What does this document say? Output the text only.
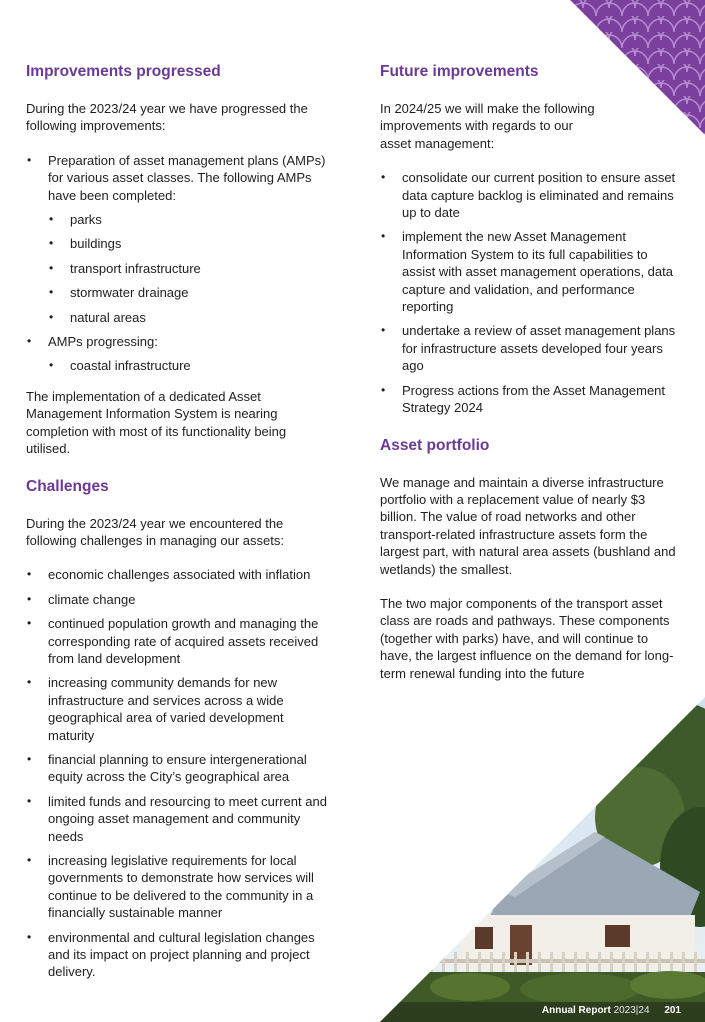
Improvements progressed

During the 2023/24 year we have progressed the following improvements:

• Preparation of asset management plans (AMPs) for various asset classes. The following AMPs have been completed:
• parks
• buildings
• transport infrastructure
• stormwater drainage
• natural areas
• AMPs progressing:
• coastal infrastructure

The implementation of a dedicated Asset Management Information System is nearing completion with most of its functionality being utilised.

Challenges

During the 2023/24 year we encountered the following challenges in managing our assets:

• economic challenges associated with inflation
• climate change
• continued population growth and managing the corresponding rate of acquired assets received from land development
• increasing community demands for new infrastructure and services across a wide geographical area of varied development maturity
• financial planning to ensure intergenerational equity across the City’s geographical area
• limited funds and resourcing to meet current and ongoing asset management and community needs
• increasing legislative requirements for local governments to demonstrate how services will continue to be delivered to the community in a financially sustainable manner
• environmental and cultural legislation changes and its impact on project planning and project delivery.
Future improvements

In 2024/25 we will make the following improvements with regards to our asset management:

• consolidate our current position to ensure asset data capture backlog is eliminated and remains up to date
• implement the new Asset Management Information System to its full capabilities to assist with asset management operations, data capture and validation, and performance reporting
• undertake a review of asset management plans for infrastructure assets developed four years ago
• Progress actions from the Asset Management Strategy 2024
Asset portfolio

We manage and maintain a diverse infrastructure portfolio with a replacement value of nearly $3 billion. The value of road networks and other transport-related infrastructure assets form the largest part, with natural area assets (bushland and wetlands) the smallest.

The two major components of the transport asset class are roads and pathways. These components (together with parks) have, and will continue to have, the largest influence on the demand for long-term renewal funding into the future

Annual Report 2023|24 201
